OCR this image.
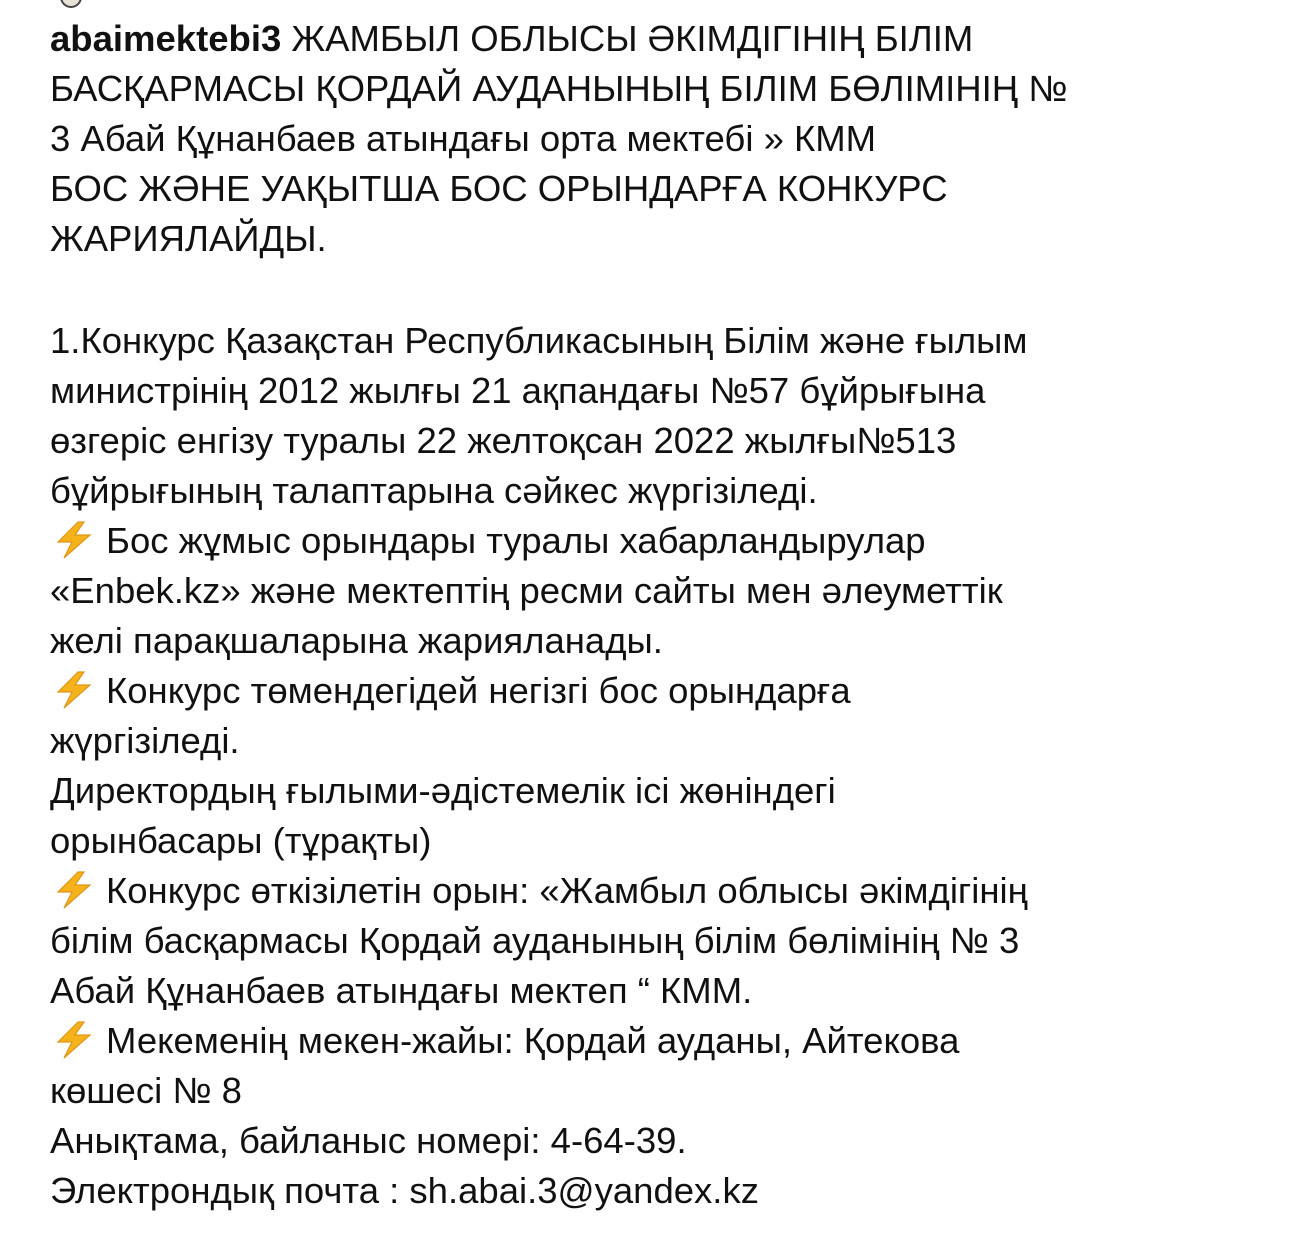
abaimektebi3 ЖАМБЫЛ ОБЛЫСЫ ӘКІМДІГІНІҢ БІЛІМ
БАСҚАРМАСЫ ҚОРДАЙ АУДАНЫНЫҢ БІЛІМ БӨЛІМІНІҢ №
3 Абай Құнанбаев атындағы орта мектебі » КММ
БОС ЖӘНЕ УАҚЫТША БОС ОРЫНДАРҒА КОНКУРС
ЖАРИЯЛАЙДЫ.
1.Конкурс Қазақстан Республикасының Білім және ғылым
министрінің 2012 жылғы 21 ақпандағы №57 бұйрығына
өзгеріс енгізу туралы 22 желтоқсан 2022 жылғы№513
бұйрығының талаптарына сәйкес жүргізіледі.
Бос жұмыс орындары туралы хабарландырулар
«Enbek.kz» және мектептің ресми сайты мен әлеуметтік
желі парақшаларына жарияланады.
Конкурс төмендегідей негізгі бос орындарға
жүргізіледі.
Директордың ғылыми-әдістемелік ісі жөніндегі
орынбасары (тұрақты)
Конкурс өткізілетін орын: «Жамбыл облысы әкімдігінің
білім басқармасы Қордай ауданының білім бөлімінің № 3
Абай Құнанбаев атындағы мектеп “ КММ.
Мекеменің мекен-жайы: Қордай ауданы, Айтекова
көшесі № 8
Анықтама, байланыс номері: 4-64-39.
Электрондық почта : sh.abai.3@yandex.kz
